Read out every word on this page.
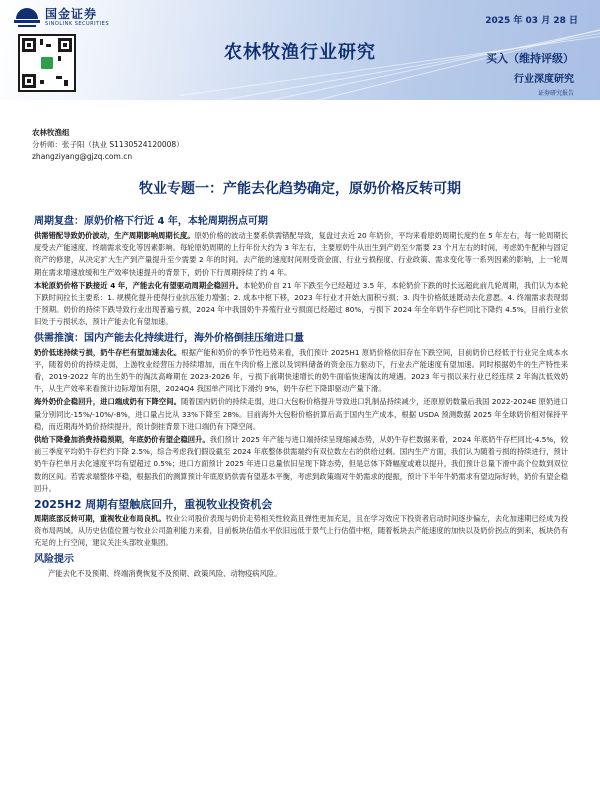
国金证券
SINOLINK SECURITIES	2025 年 03 月 28 日
农林牧渔行业研究	买入（维持评级）
行业深度研究
证券研究报告
农林牧渔组
分析师：张子阳（执业 S1130524120008）
zhangziyang@gjzq.com.cn
牧业专题一：产能去化趋势确定，原奶价格反转可期
周期复盘：原奶价格下行近 4 年，本轮周期拐点可期

供需错配导致奶价波动，生产周期影响周期长度。原奶价格的波动主要系供需错配导致，复盘过去近 20 年奶价，平均来看原奶周期长度约在 5 年左右，每一轮周期长度受去产能速度、终端需求变化等因素影响。每轮原奶周期的上行年份大约为 3 年左右，主要原奶牛从出生到产奶至少需要 23 个月左右的时间，考虑奶牛配种与固定资产的修建，从决定扩大生产到产量提升至少需要 2 年的时间。去产能的速度时间则受资金面、行业亏损程度、行业政策、需求变化等一系列因素的影响，上一轮周期在需求增速放缓和生产效率快速提升的背景下，奶价下行周期持续了约 4 年。

本轮原奶价格下跌接近 4 年，产能去化有望驱动周期企稳回升。本轮奶价自 21 年下跌至今已经超过 3.5 年，本轮奶价下跌的时长远超此前几轮周期，我们认为本轮下跌时间拉长主要系：1. 规模化提升使得行业抗压能力增强；2. 成本中枢下移，2023 年行业才开始大面积亏损；3. 肉牛价格低迷既动去化意愿。4. 终端需求表现弱于预期。奶价的持续下跌导致行业出现普遍亏损，2024 年中我国奶牛养殖行业亏损面已经超过 80%，亏损下 2024 年全年奶牛存栏同比下降约 4.5%，目前行业依旧处于亏损状态，预计产能去化有望加速。

供需推演：国内产能去化持续进行，海外价格倒挂压缩进口量

奶价低迷持续亏损，奶牛存栏有望加速去化。根据产能和奶价的季节性趋势来看，我们预计 2025H1 原奶价格依旧存在下跌空间，目前奶价已经低于行业完全成本水平，随着奶价的持续走弱，上游牧业经营压力持续增加，而在牛肉价格上涨以及饲料储备的资金压力驱动下，行业去产能速度有望加速。同时根据奶牛的生产特性来看，2019-2022 年的出生奶牛的淘汰高峰期在 2023-2026 年，亏损下前期快速增长的奶牛面临快速淘汰的境遇。2023 年亏损以来行业已经连续 2 年淘汰低效奶牛，从生产效率来看预计边际增加有限，2024Q4 我国单产同比下滑约 9%，奶牛存栏下降即驱动产量下滑。

海外奶价企稳回升，进口端成奶有下降空间。随着国内奶价的持续走弱，进口大包粉价格提升导致进口乳制品持续减少，还原原奶数量后我国 2022-2024E 原奶进口量分别同比-15%/-10%/-8%，进口量占比从 33%下降至 28%。目前海外大包粉价格折算后高于国内生产成本，根据 USDA 预测数据 2025 年全球奶价相对保持平稳，而近期海外奶价持续提升，预计倒挂背景下进口端仍有下降空间。

供给下降叠加消费持稳预期，年底奶价有望企稳回升。我们预计 2025 年产能与进口端持续呈现缩减态势，从奶牛存栏数据来看，2024 年底奶牛存栏同比-4.5%，较前三季度平均奶牛存栏约下降 2.5%，综合考虑我们假设截至 2024 年底整体供需端约有双位数左右的供给过剩。国内生产方面，我们认为随着亏损的持续进行，预计奶牛存栏单月去化速度平均有望超过 0.5%；进口方面预计 2025 年进口总量依旧呈现下降态势，但是总体下降幅度或难以提升，我们预计总量下滑中高个位数到双位数的区间。若需求端整体平稳，根据我们的测算预计年底原奶供需有望基本平衡，考虑到政策端对牛奶需求的提振，预计下半年牛奶需求有望边际好转，奶价有望企稳回升。

2025H2 周期有望触底回升，重视牧业投资机会

周期底部反转可期，重视牧业布局良机。牧业公司股价表现与奶价走势相关性较高且弹性更加充足，且在学习效应下投资者启动时间逐步偏左，去化加速期已经成为投资布局两域。从历史估值位置与牧业公司盈利能力来看，目前板块估值水平依旧远低于景气上行估值中枢，随着板块去产能速度的加快以及奶价拐点的到来，板块仍有充足的上行空间，建议关注头部牧业集团。

风险提示

产能去化不及预期、终端消费恢复不及预期、政策风险、动物疫病风险。
